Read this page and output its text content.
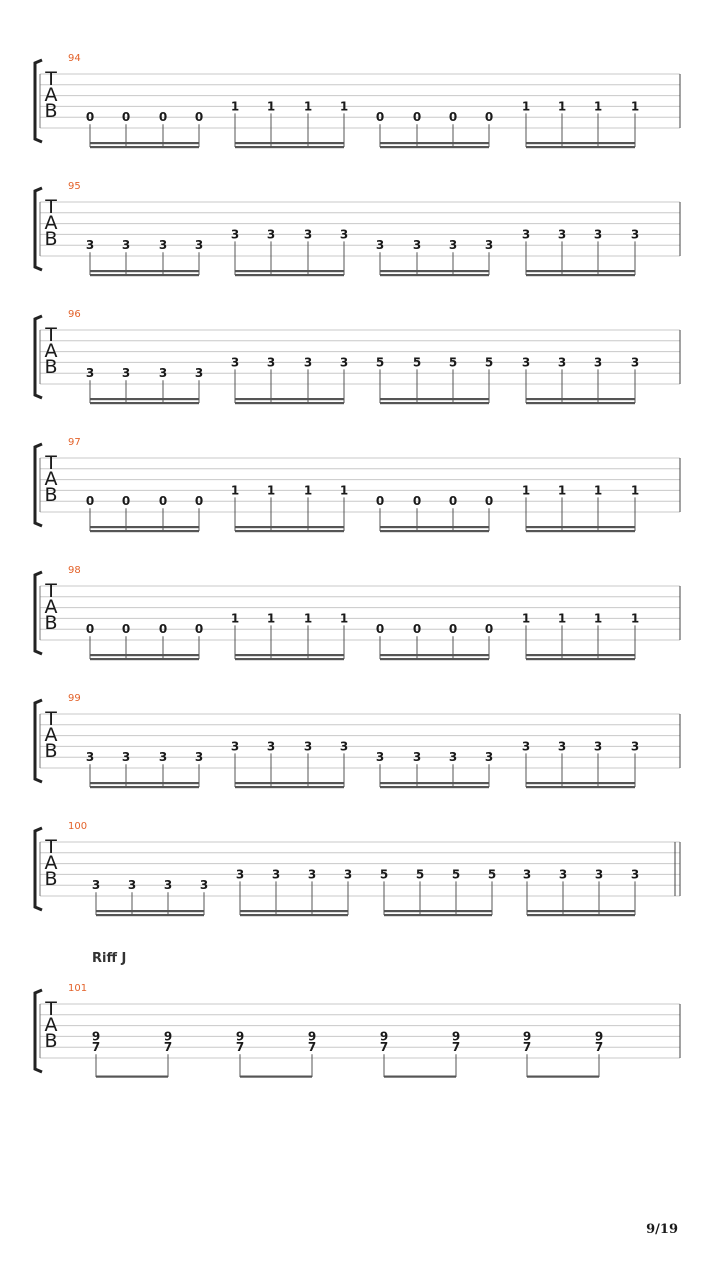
T
A
B
94
0 0 0 0
1 1 1 1
0 0 0 0
1 1 1 1
T
A
B
95
3 3 3 3
3 3 3 3
3 3 3 3
3 3 3 3
T
A
B
96
3 3 3 3
3 3 3 3 5 5 5 5 3 3 3 3
T
A
B
97
0 0 0 0
1 1 1 1
0 0 0 0
1 1 1 1
T
A
B
98
0 0 0 0
1 1 1 1
0 0 0 0
1 1 1 1
T
A
B
99
3 3 3 3
3 3 3 3
3 3 3 3
3 3 3 3
T
A
B
100
3 3 3 3
3 3 3 3 5 5 5 5 3 3 3 3
T
A
B
101
Riff J
9
7
9
7
9
7
9
7
9
7
9
7
9
7
9
7
9/19
